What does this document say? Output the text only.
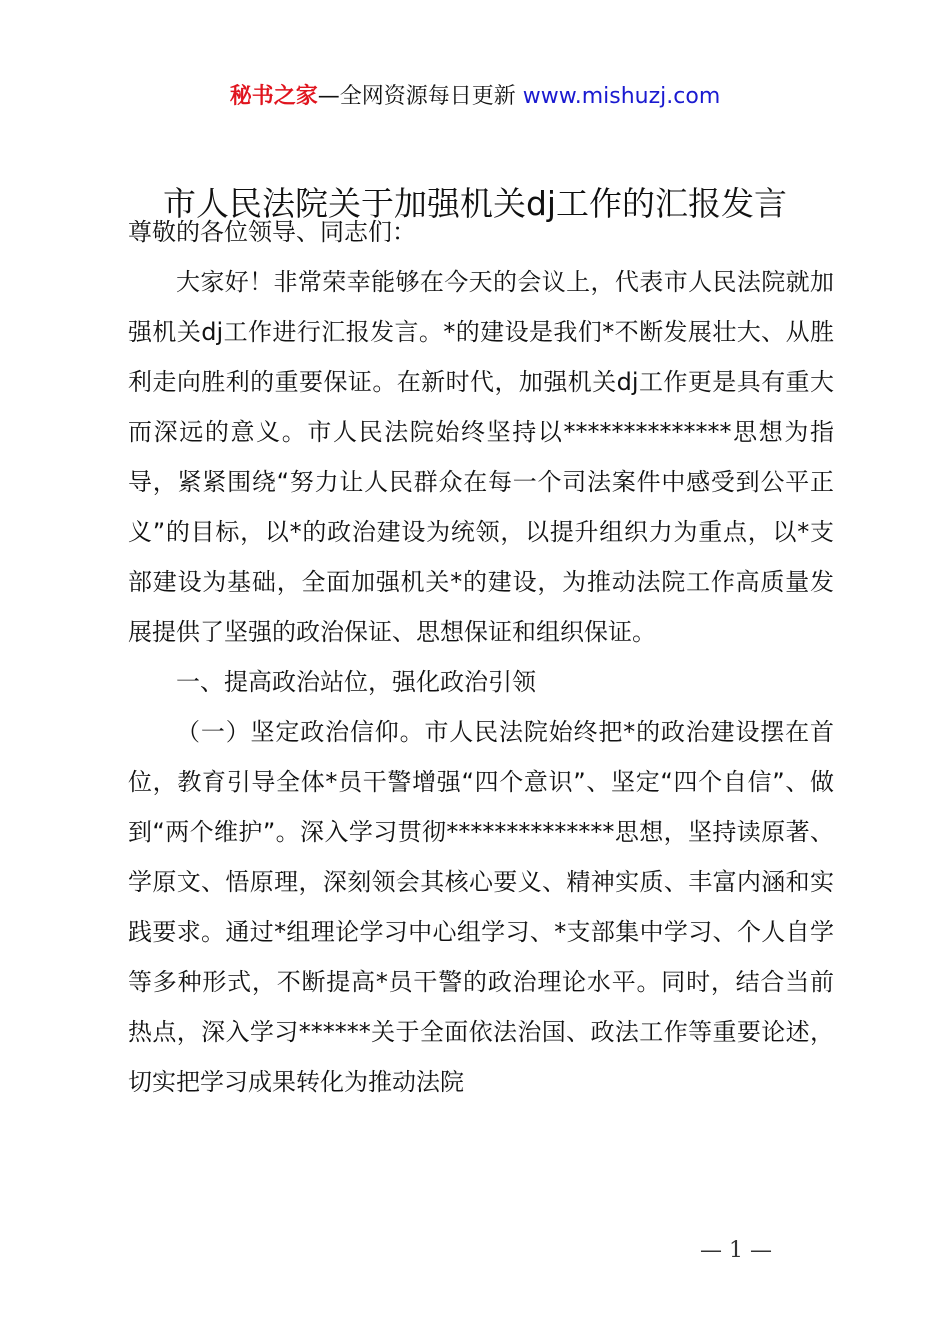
秘书之家—全网资源每日更新 www.mishuzj.com
市人民法院关于加强机关dj工作的汇报发言

尊敬的各位领导、同志们：

大家好！非常荣幸能够在今天的会议上，代表市人民法院就加强机关dj工作进行汇报发言。*的建设是我们*不断发展壮大、从胜利走向胜利的重要保证。在新时代，加强机关dj工作更是具有重大而深远的意义。市人民法院始终坚持以**************思想为指导，紧紧围绕“努力让人民群众在每一个司法案件中感受到公平正义”的目标，以*的政治建设为统领，以提升组织力为重点，以*支部建设为基础，全面加强机关*的建设，为推动法院工作高质量发展提供了坚强的政治保证、思想保证和组织保证。

一、提高政治站位，强化政治引领

（一）坚定政治信仰。市人民法院始终把*的政治建设摆在首位，教育引导全体*员干警增强“四个意识”、坚定“四个自信”、做到“两个维护”。深入学习贯彻**************思想，坚持读原著、学原文、悟原理，深刻领会其核心要义、精神实质、丰富内涵和实践要求。通过*组理论学习中心组学习、*支部集中学习、个人自学等多种形式，不断提高*员干警的政治理论水平。同时，结合当前热点，深入学习******关于全面依法治国、政法工作等重要论述，切实把学习成果转化为推动法院

— 1 —
